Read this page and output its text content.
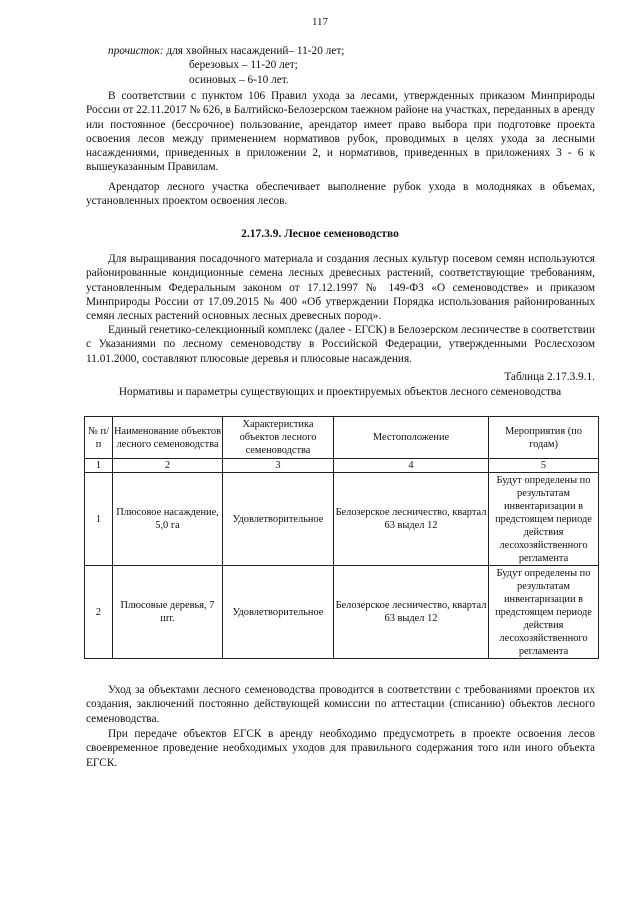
117
прочисток: для хвойных насаждений– 11-20 лет;
березовых – 11-20 лет;
осиновых – 6-10 лет.
В соответствии с пунктом 106 Правил ухода за лесами, утвержденных приказом Минприроды России от 22.11.2017 № 626, в Балтийско-Белозерском таежном районе на участках, переданных в аренду или постоянное (бессрочное) пользование, арендатор имеет право выбора при подготовке проекта освоения лесов между применением нормативов рубок, проводимых в целях ухода за лесными насаждениями, приведенных в приложении 2, и нормативов, приведенных в приложениях 3 - 6 к вышеуказанным Правилам.
Арендатор лесного участка обеспечивает выполнение рубок ухода в молодняках в объемах, установленных проектом освоения лесов.
2.17.3.9. Лесное семеноводство
Для выращивания посадочного материала и создания лесных культур посевом семян используются районированные кондиционные семена лесных древесных растений, соответствующие требованиям, установленным Федеральным законом от 17.12.1997 № 149-ФЗ «О семеноводстве» и приказом Минприроды России от 17.09.2015 № 400 «Об утверждении Порядка использования районированных семян лесных растений основных лесных древесных пород».
Единый генетико-селекционный комплекс (далее - ЕГСК) в Белозерском лесничестве в соответствии с Указаниями по лесному семеноводству в Российской Федерации, утвержденными Рослесхозом 11.01.2000, составляют плюсовые деревья и плюсовые насаждения.
Таблица 2.17.3.9.1.
Нормативы и параметры существующих и проектируемых объектов лесного семеноводства
№ п/п	Наименование объектов лесного семеноводства	Характеристика объектов лесного семеноводства	Местоположение	Мероприятия (по годам)
1	2	3	4	5
1	Плюсовое насаждение, 5,0 га	Удовлетворительное	Белозерское лесничество, квартал 63 выдел 12	Будут определены по результатам инвентаризации в предстоящем периоде действия лесохозяйственного регламента
2	Плюсовые деревья, 7 шт.	Удовлетворительное	Белозерское лесничество, квартал 63 выдел 12	Будут определены по результатам инвентаризации в предстоящем периоде действия лесохозяйственного регламента
Уход за объектами лесного семеноводства проводится в соответствии с требованиями проектов их создания, заключений постоянно действующей комиссии по аттестации (списанию) объектов лесного семеноводства.
При передаче объектов ЕГСК в аренду необходимо предусмотреть в проекте освоения лесов своевременное проведение необходимых уходов для правильного содержания того или иного объекта ЕГСК.
